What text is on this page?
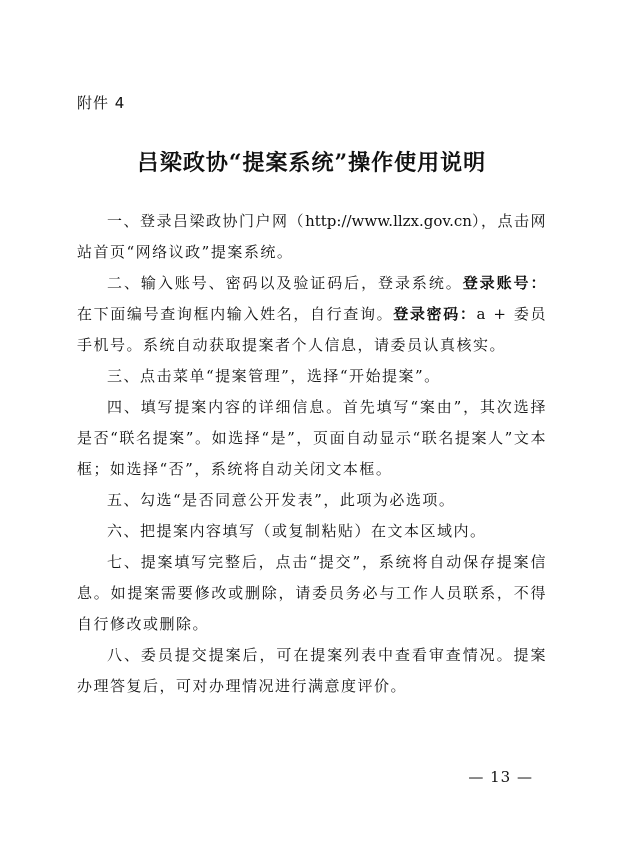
附件 4
吕梁政协“提案系统”操作使用说明

一、登录吕梁政协门户网（http://www.llzx.gov.cn），点击网站首页“网络议政”提案系统。

二、输入账号、密码以及验证码后，登录系统。登录账号：在下面编号查询框内输入姓名，自行查询。登录密码：a + 委员手机号。系统自动获取提案者个人信息，请委员认真核实。

三、点击菜单“提案管理”，选择“开始提案”。

四、填写提案内容的详细信息。首先填写“案由”，其次选择是否“联名提案”。如选择“是”，页面自动显示“联名提案人”文本框；如选择“否”，系统将自动关闭文本框。

五、勾选“是否同意公开发表”，此项为必选项。

六、把提案内容填写（或复制粘贴）在文本区域内。

七、提案填写完整后，点击“提交”，系统将自动保存提案信息。如提案需要修改或删除，请委员务必与工作人员联系，不得自行修改或删除。

八、委员提交提案后，可在提案列表中查看审查情况。提案办理答复后，可对办理情况进行满意度评价。

— 13 —
